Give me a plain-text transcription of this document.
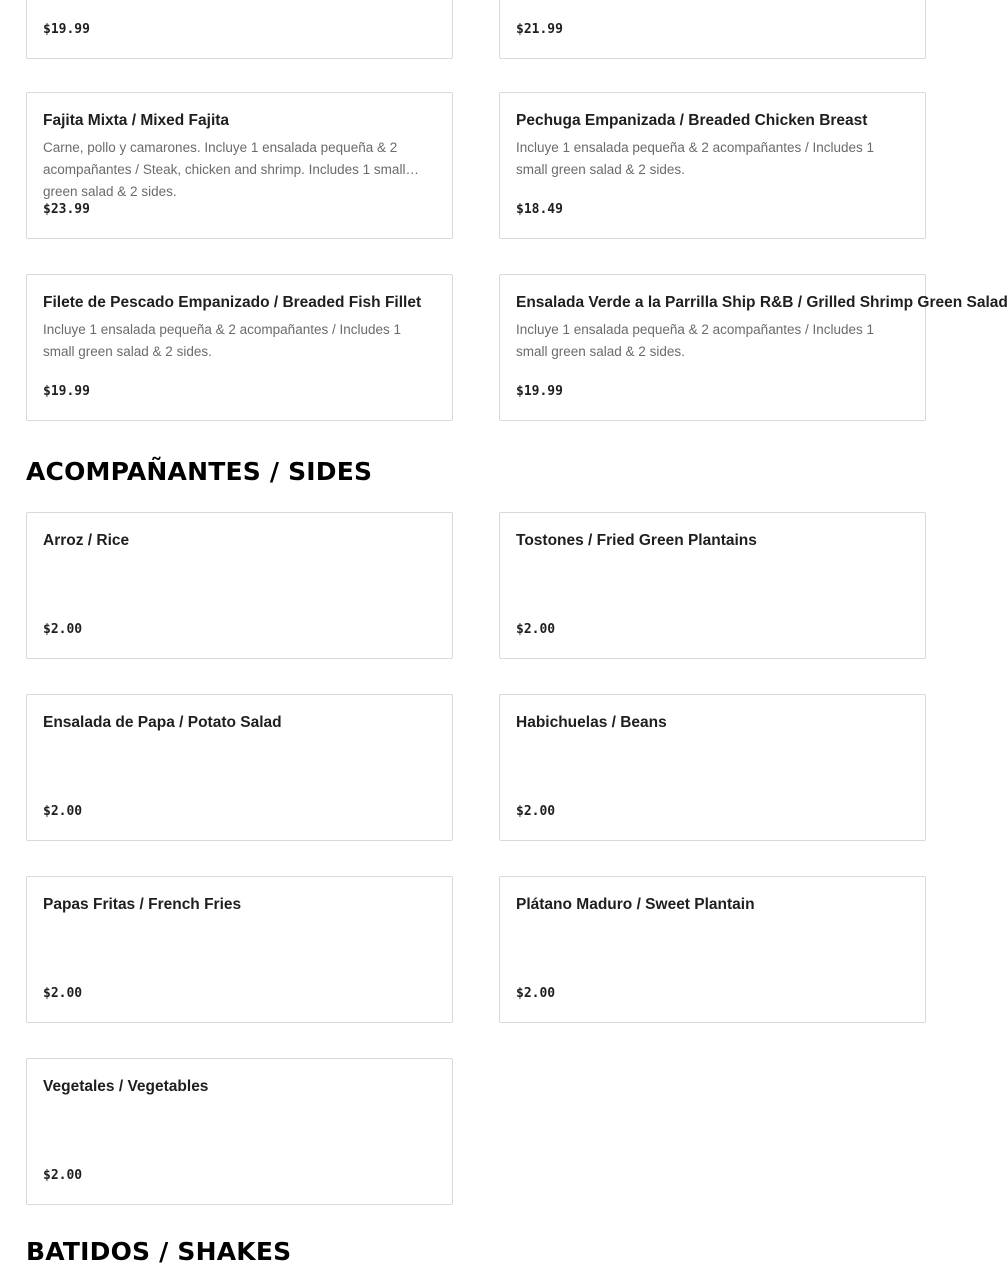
$19.99	$21.99
Fajita Mixta / Mixed Fajita
Carne, pollo y camarones. Incluye 1 ensalada pequeña & 2 acompañantes / Steak, chicken and shrimp. Includes 1 small green salad & 2 sides.
$23.99
Pechuga Empanizada / Breaded Chicken Breast
Incluye 1 ensalada pequeña & 2 acompañantes / Includes 1 small green salad & 2 sides.
$18.49
Filete de Pescado Empanizado / Breaded Fish Fillet
Incluye 1 ensalada pequeña & 2 acompañantes / Includes 1 small green salad & 2 sides.
$19.99
Ensalada Verde a la Parrilla Ship R&B / Grilled Shrimp Green Salad
Incluye 1 ensalada pequeña & 2 acompañantes / Includes 1 small green salad & 2 sides.
$19.99
ACOMPAÑANTES / SIDES
Arroz / Rice
$2.00
Tostones / Fried Green Plantains
$2.00
Ensalada de Papa / Potato Salad
$2.00
Habichuelas / Beans
$2.00
Papas Fritas / French Fries
$2.00
Plátano Maduro / Sweet Plantain
$2.00
Vegetales / Vegetables
$2.00
BATIDOS / SHAKES
